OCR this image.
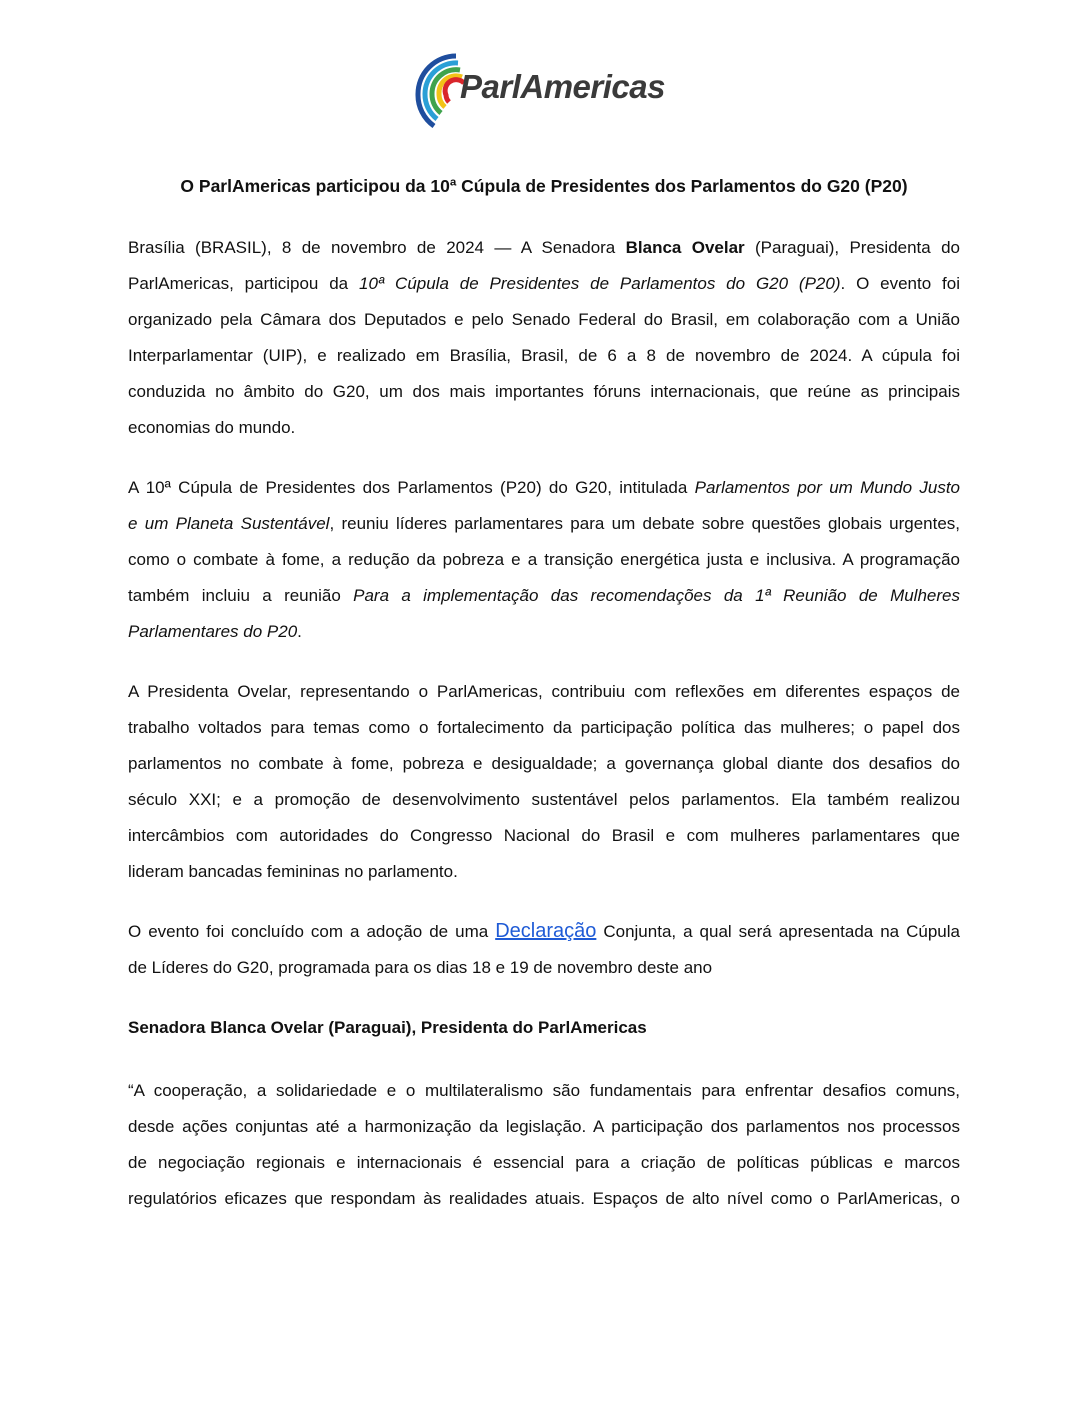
ParlAmericas
O ParlAmericas participou da 10ª Cúpula de Presidentes dos Parlamentos do G20 (P20)
Brasília (BRASIL), 8 de novembro de 2024 — A Senadora Blanca Ovelar (Paraguai), Presidenta do
ParlAmericas, participou da 10ª Cúpula de Presidentes de Parlamentos do G20 (P20). O evento foi
organizado pela Câmara dos Deputados e pelo Senado Federal do Brasil, em colaboração com a União
Interparlamentar (UIP), e realizado em Brasília, Brasil, de 6 a 8 de novembro de 2024. A cúpula foi
conduzida no âmbito do G20, um dos mais importantes fóruns internacionais, que reúne as principais
economias do mundo.
A 10ª Cúpula de Presidentes dos Parlamentos (P20) do G20, intitulada Parlamentos por um Mundo Justo
e um Planeta Sustentável, reuniu líderes parlamentares para um debate sobre questões globais urgentes,
como o combate à fome, a redução da pobreza e a transição energética justa e inclusiva. A programação
também incluiu a reunião Para a implementação das recomendações da 1ª Reunião de Mulheres
Parlamentares do P20.
A Presidenta Ovelar, representando o ParlAmericas, contribuiu com reflexões em diferentes espaços de
trabalho voltados para temas como o fortalecimento da participação política das mulheres; o papel dos
parlamentos no combate à fome, pobreza e desigualdade; a governança global diante dos desafios do
século XXI; e a promoção de desenvolvimento sustentável pelos parlamentos. Ela também realizou
intercâmbios com autoridades do Congresso Nacional do Brasil e com mulheres parlamentares que
lideram bancadas femininas no parlamento.
O evento foi concluído com a adoção de uma Declaração Conjunta, a qual será apresentada na Cúpula
de Líderes do G20, programada para os dias 18 e 19 de novembro deste ano
Senadora Blanca Ovelar (Paraguai), Presidenta do ParlAmericas
“A cooperação, a solidariedade e o multilateralismo são fundamentais para enfrentar desafios comuns,
desde ações conjuntas até a harmonização da legislação. A participação dos parlamentos nos processos
de negociação regionais e internacionais é essencial para a criação de políticas públicas e marcos
regulatórios eficazes que respondam às realidades atuais. Espaços de alto nível como o ParlAmericas, o
